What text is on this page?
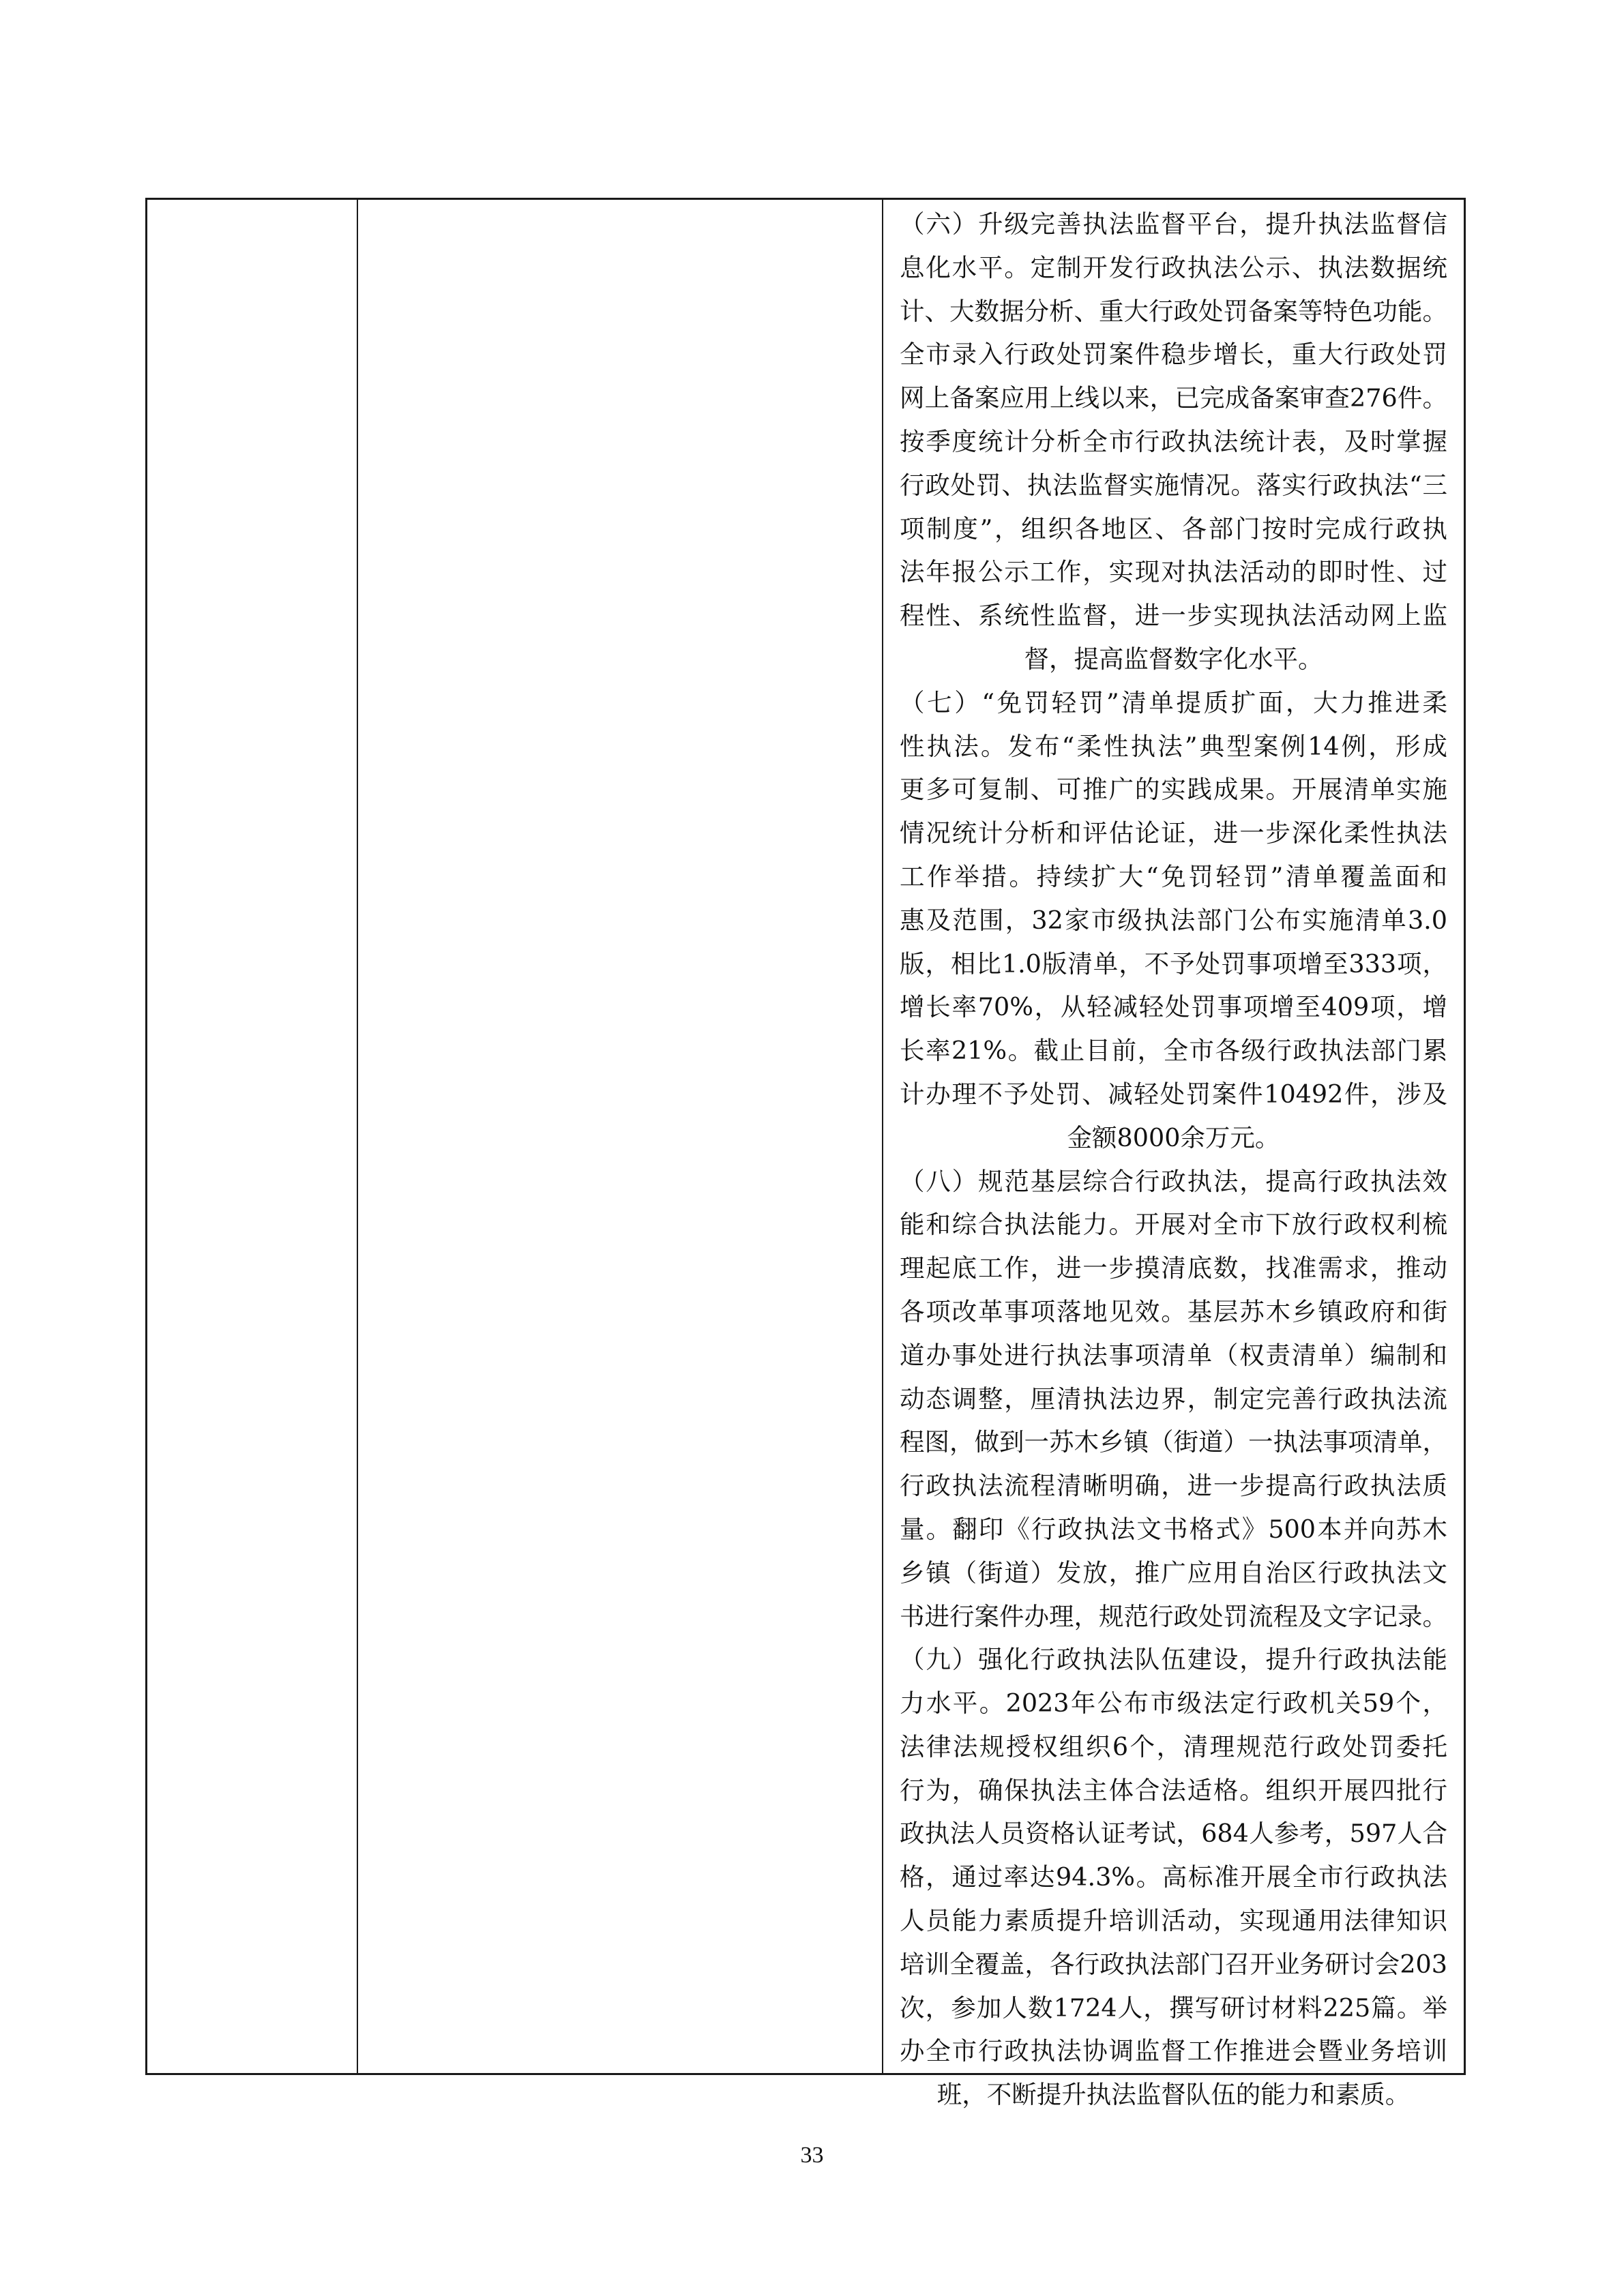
（六）升级完善执法监督平台，提升执法监督信
息化水平。定制开发行政执法公示、执法数据统
计、大数据分析、重大行政处罚备案等特色功能。
全市录入行政处罚案件稳步增长，重大行政处罚
网上备案应用上线以来，已完成备案审查276件。
按季度统计分析全市行政执法统计表，及时掌握
行政处罚、执法监督实施情况。落实行政执法“三
项制度”，组织各地区、各部门按时完成行政执
法年报公示工作，实现对执法活动的即时性、过
程性、系统性监督，进一步实现执法活动网上监
督，提高监督数字化水平。

（七）“免罚轻罚”清单提质扩面，大力推进柔
性执法。发布“柔性执法”典型案例14例，形成
更多可复制、可推广的实践成果。开展清单实施
情况统计分析和评估论证，进一步深化柔性执法
工作举措。持续扩大“免罚轻罚”清单覆盖面和
惠及范围，32家市级执法部门公布实施清单3.0
版，相比1.0版清单，不予处罚事项增至333项，
增长率70%，从轻减轻处罚事项增至409项，增
长率21%。截止目前，全市各级行政执法部门累
计办理不予处罚、减轻处罚案件10492件，涉及
金额8000余万元。

（八）规范基层综合行政执法，提高行政执法效
能和综合执法能力。开展对全市下放行政权利梳
理起底工作，进一步摸清底数，找准需求，推动
各项改革事项落地见效。基层苏木乡镇政府和街
道办事处进行执法事项清单（权责清单）编制和
动态调整，厘清执法边界，制定完善行政执法流
程图，做到一苏木乡镇（街道）一执法事项清单，
行政执法流程清晰明确，进一步提高行政执法质
量。翻印《行政执法文书格式》500本并向苏木
乡镇（街道）发放，推广应用自治区行政执法文
书进行案件办理，规范行政处罚流程及文字记录。

（九）强化行政执法队伍建设，提升行政执法能
力水平。2023年公布市级法定行政机关59个，
法律法规授权组织6个，清理规范行政处罚委托
行为，确保执法主体合法适格。组织开展四批行
政执法人员资格认证考试，684人参考，597人合
格，通过率达94.3%。高标准开展全市行政执法
人员能力素质提升培训活动，实现通用法律知识
培训全覆盖，各行政执法部门召开业务研讨会203
次，参加人数1724人，撰写研讨材料225篇。举
办全市行政执法协调监督工作推进会暨业务培训
班，不断提升执法监督队伍的能力和素质。

33
